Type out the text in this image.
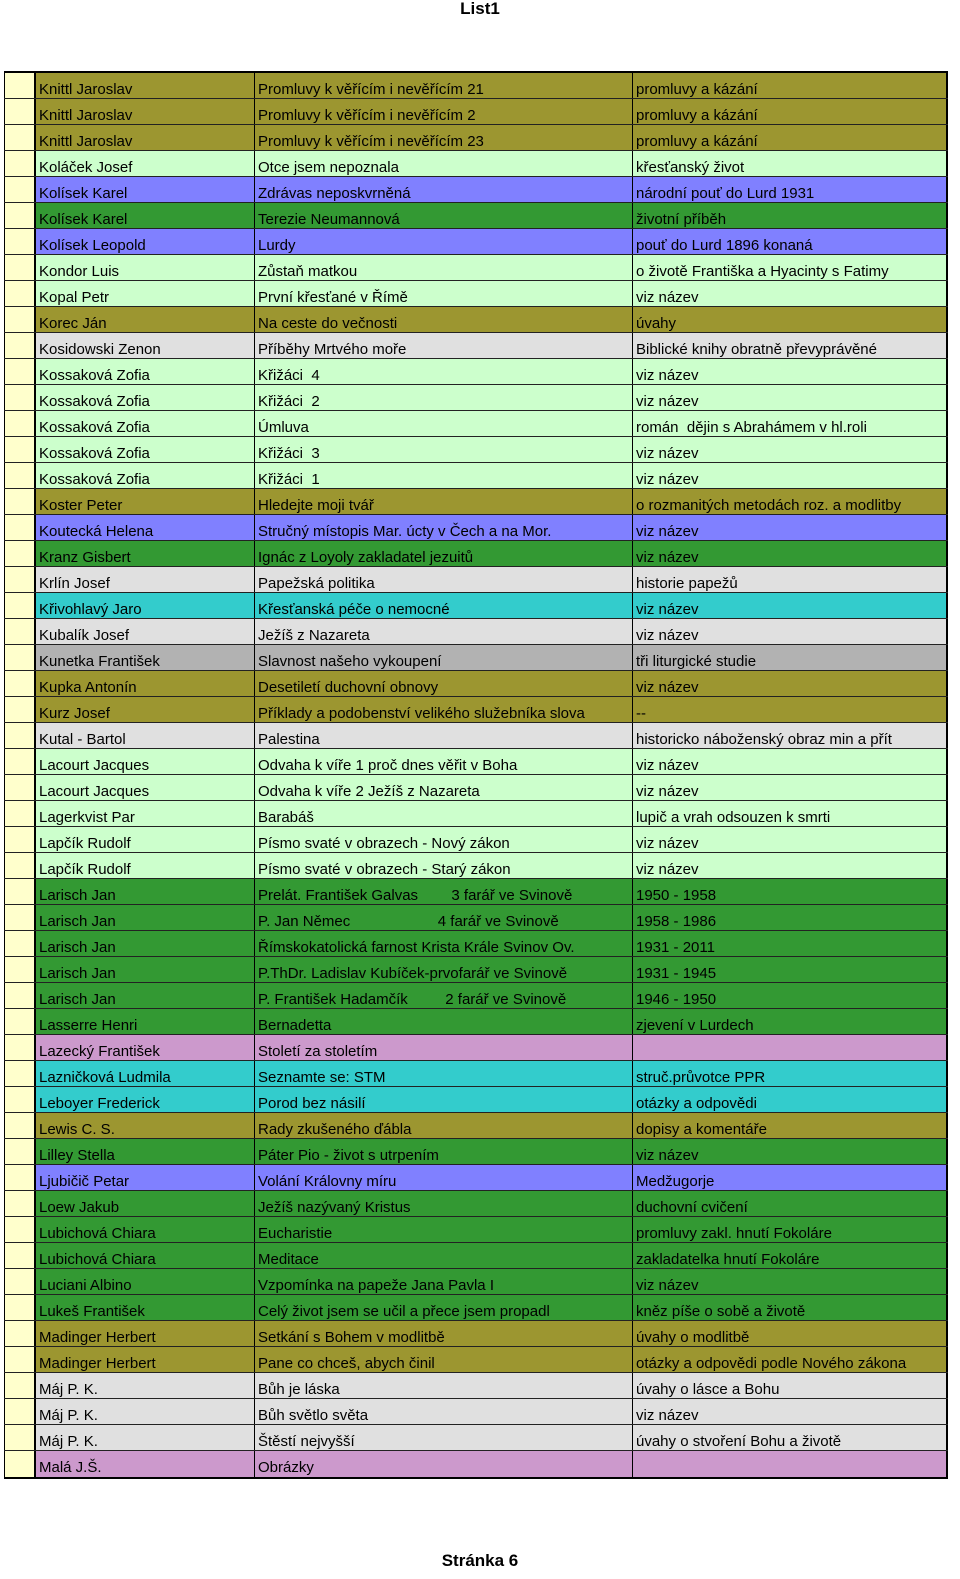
List1
Knittl Jaroslav	Promluvy k věřícím i nevěřícím 21	promluvy a kázání
Knittl Jaroslav	Promluvy k věřícím i nevěřícím 2	promluvy a kázání
Knittl Jaroslav	Promluvy k věřícím i nevěřícím 23	promluvy a kázání
Koláček Josef	Otce jsem nepoznala	křesťanský život
Kolísek Karel	Zdrávas neposkvrněná	národní pouť do Lurd 1931
Kolísek Karel	Terezie Neumannová	životní příběh
Kolísek Leopold	Lurdy	pouť do Lurd 1896 konaná
Kondor Luis	Zůstaň matkou	o životě Františka a Hyacinty s Fatimy
Kopal Petr	První křesťané v Římě	viz název
Korec Ján	Na ceste do večnosti	úvahy
Kosidowski Zenon	Příběhy Mrtvého moře	Biblické knihy obratně převyprávěné
Kossaková Zofia	Křižáci  4	viz název
Kossaková Zofia	Křižáci  2	viz název
Kossaková Zofia	Úmluva	román  dějin s Abrahámem v hl.roli
Kossaková Zofia	Křižáci  3	viz název
Kossaková Zofia	Křižáci  1	viz název
Koster Peter	Hledejte moji tvář	o rozmanitých metodách roz. a modlitby
Koutecká Helena	Stručný místopis Mar. úcty v Čech a na Mor.	viz název
Kranz Gisbert	Ignác z Loyoly zakladatel jezuitů	viz název
Krlín Josef	Papežská politika	historie papežů
Křivohlavý Jaro	Křesťanská péče o nemocné	viz název
Kubalík Josef	Ježíš z Nazareta	viz název
Kunetka František	Slavnost našeho vykoupení	tři liturgické studie
Kupka Antonín	Desetiletí duchovní obnovy	viz název
Kurz Josef	Příklady a podobenství velikého služebníka slova	--
Kutal - Bartol	Palestina	historicko náboženský obraz min a přít
Lacourt Jacques	Odvaha k víře 1 proč dnes věřit v Boha	viz název
Lacourt Jacques	Odvaha k víře 2 Ježíš z Nazareta	viz název
Lagerkvist Par	Barabáš	lupič a vrah odsouzen k smrti
Lapčík Rudolf	Písmo svaté v obrazech - Nový zákon	viz název
Lapčík Rudolf	Písmo svaté v obrazech - Starý zákon	viz název
Larisch Jan	Prelát. František Galvas        3 farář ve Svinově	1950 - 1958
Larisch Jan	P. Jan Němec                     4 farář ve Svinově	1958 - 1986
Larisch Jan	Římskokatolická farnost Krista Krále Svinov Ov.	1931 - 2011
Larisch Jan	P.ThDr. Ladislav Kubíček-prvofarář ve Svinově	1931 - 1945
Larisch Jan	P. František Hadamčík         2 farář ve Svinově	1946 - 1950
Lasserre Henri	Bernadetta	zjevení v Lurdech
Lazecký František	Století za stoletím
Lazničková Ludmila	Seznamte se: STM	struč.průvotce PPR
Leboyer Frederick	Porod bez násilí	otázky a odpovědi
Lewis C. S.	Rady zkušeného ďábla	dopisy a komentáře
Lilley Stella	Páter Pio - život s utrpením	viz název
Ljubičič Petar	Volání Královny míru	Medžugorje
Loew Jakub	Ježíš nazývaný Kristus	duchovní cvičení
Lubichová Chiara	Eucharistie	promluvy zakl. hnutí Fokoláre
Lubichová Chiara	Meditace	zakladatelka hnutí Fokoláre
Luciani Albino	Vzpomínka na papeže Jana Pavla I	viz název
Lukeš František	Celý život jsem se učil a přece jsem propadl	kněz píše o sobě a životě
Madinger Herbert	Setkání s Bohem v modlitbě	úvahy o modlitbě
Madinger Herbert	Pane co chceš, abych činil	otázky a odpovědi podle Nového zákona
Máj P. K.	Bůh je láska	úvahy o lásce a Bohu
Máj P. K.	Bůh světlo světa	viz název
Máj P. K.	Štěstí nejvyšší	úvahy o stvoření Bohu a životě
Malá J.Š.	Obrázky
Stránka 6
